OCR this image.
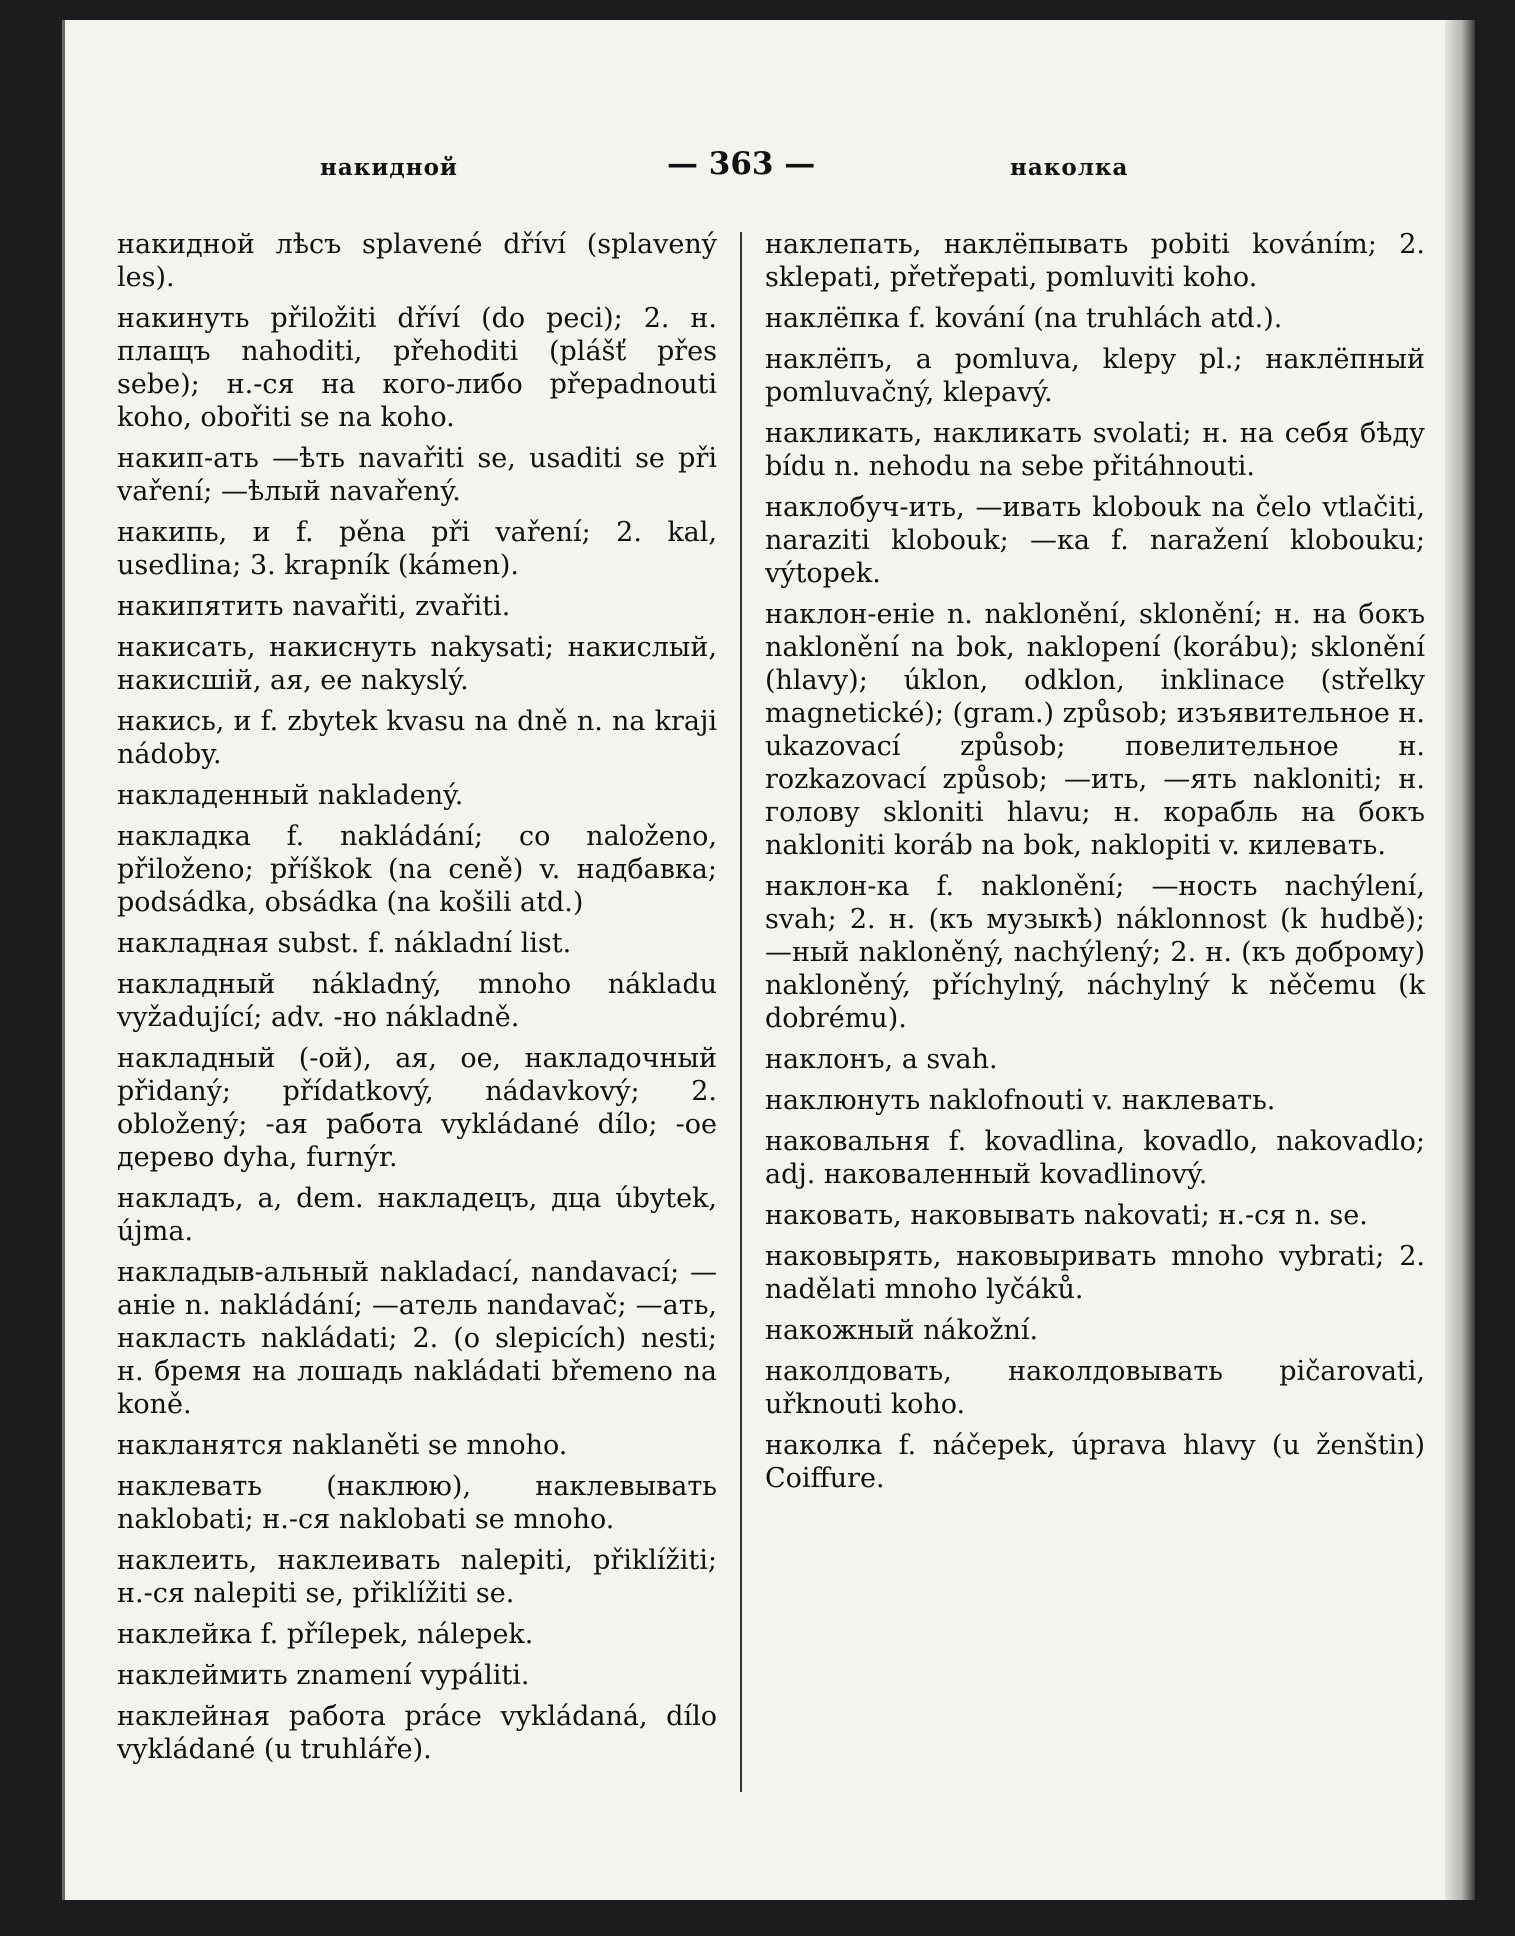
накидной	— 363 —	наколка

накидной лѣсъ splavené dříví (splavený les).

накинуть přiložiti dříví (do peci); 2. н. плащъ nahoditi, přehoditi (plášť přes sebe); н.-ся на кого-либо přepadnouti koho, obořiti se na koho.

накип-ать —ѣть navařiti se, usaditi se při vaření; —ѣлый navařený.

накипь, и f. pěna při vaření; 2. kal, usedlina; 3. krapník (kámen).

накипятить navařiti, zvařiti.

накисать, накиснуть nakysati; накислый, накисшій, ая, ее nakyslý.

накись, и f. zbytek kvasu na dně n. na kraji nádoby.

накладенный nakladený.

накладка f. nakládání; co naloženo, přiloženo; příškok (na ceně) v. надбавка; podsádka, obsádka (na košili atd.)

накладная subst. f. nákladní list.

накладный nákladný, mnoho nákladu vyžadující; adv. -но nákladně.

накладный (-ой), ая, ое, накладочный přidaný; přídatkový, nádavkový; 2. obložený; -ая работа vykládané dílo; -ое дерево dyha, furnýr.

накладъ, а, dem. накладецъ, дца úbytek, újma.

накладыв-альный nakladací, nandavací; —аніе n. nakládání; —атель nandavač; —ать, накласть nakládati; 2. (o slepicích) nesti; н. бремя на лошадь nakládati břemeno na koně.

накланятся naklaněti se mnoho.

наклевать (наклюю), наклевывать naklobati; н.-ся naklobati se mnoho.

наклеить, наклеивать nalepiti, přiklížiti; н.-ся nalepiti se, přiklížiti se.

наклейка f. přílepek, nálepek.

наклеймить znamení vypáliti.

наклейная работа práce vykládaná, dílo vykládané (u truhláře).

наклепать, наклёпывать pobiti kováním; 2. sklepati, přetřepati, pomluviti koho.

наклёпка f. kování (na truhlách atd.).

наклёпъ, а pomluva, klepy pl.; наклёпный pomluvačný, klepavý.

накликать, накликать svolati; н. на себя бѣду bídu n. nehodu na sebe přitáhnouti.

наклобуч-ить, —ивать klobouk na čelo vtlačiti, naraziti klobouk; —ка f. naražení klobouku; výtopek.

наклон-еніе n. naklonění, sklonění; н. на бокъ naklonění na bok, naklopení (korábu); sklonění (hlavy); úklon, odklon, inklinace (střelky magnetické); (gram.) způsob; изъявительное н. ukazovací způsob; повелительное н. rozkazovací způsob; —ить, —ять nakloniti; н. голову skloniti hlavu; н. корабль на бокъ nakloniti koráb na bok, naklopiti v. килевать.

наклон-ка f. naklonění; —ность nachýlení, svah; 2. н. (къ музыкѣ) náklonnost (k hudbě); —ный nakloněný, nachýlený; 2. н. (къ доброму) nakloněný, příchylný, náchylný k něčemu (k dobrému).

наклонъ, а svah.

наклюнуть naklofnouti v. наклевать.

наковальня f. kovadlina, kovadlo, nakovadlo; adj. наковаленный kovadlinový.

наковать, наковывать nakovati; н.-ся n. se.

наковырять, наковыривать mnoho vybrati; 2. nadělati mnoho lyčáků.

накожный nákožní.

наколдовать, наколдовывать pičarovati, uřknouti koho.

наколка f. náčepek, úprava hlavy (u ženštin) Coiffure.
